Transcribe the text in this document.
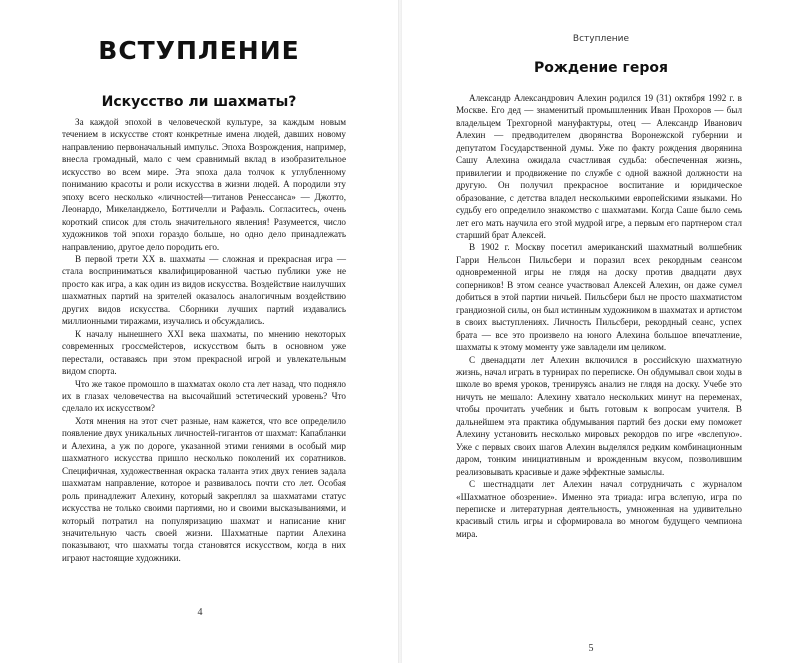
ВСТУПЛЕНИЕ
Искусство ли шахматы?

За каждой эпохой в человеческой культуре, за каждым новым течением в искусстве стоят конкретные имена людей, давших новому направлению первоначальный импульс. Эпоха Возрождения, например, внесла громадный, мало с чем сравнимый вклад в изобразительное искусство во всем мире. Эта эпоха дала толчок к углубленному пониманию красоты и роли искусства в жизни людей. А породили эту эпоху всего несколько «личностей—титанов Ренессанса» — Джотто, Леонардо, Микеланджело, Боттичелли и Рафаэль. Согласитесь, очень короткий список для столь значительного явления! Разумеется, число художников той эпохи гораздо больше, но одно дело принадлежать направлению, другое дело породить его.

В первой трети XX в. шахматы — сложная и прекрасная игра — стала восприниматься квалифицированной частью публики уже не просто как игра, а как один из видов искусства. Воздействие наилучших шахматных партий на зрителей оказалось аналогичным воздействию других видов искусства. Сборники лучших партий издавались миллионными тиражами, изучались и обсуждались.

К началу нынешнего XXI века шахматы, по мнению некоторых современных гроссмейстеров, искусством быть в основном уже перестали, оставаясь при этом прекрасной игрой и увлекательным видом спорта.

Что же такое промошло в шахматах около ста лет назад, что подняло их в глазах человечества на высочайший эстетический уровень? Что сделало их искусством?

Хотя мнения на этот счет разные, нам кажется, что все определило появление двух уникальных личностей-гигантов от шахмат: Капабланки и Алехина, а уж по дороге, указанной этими гениями в особый мир шахматного искусства пришло несколько поколений их соратников. Специфичная, художественная окраска таланта этих двух гениев задала шахматам направление, которое и развивалось почти сто лет. Особая роль принадлежит Алехину, который закреплял за шахматами статус искусства не только своими партиями, но и своими высказываниями, и который потратил на популяризацию шахмат и написание книг значительную часть своей жизни. Шахматные партии Алехина показывают, что шахматы тогда становятся искусством, когда в них играют настоящие художники.

4
Вступление
Рождение героя

Александр Александрович Алехин родился 19 (31) октября 1992 г. в Москве. Его дед — знаменитый промышленник Иван Прохоров — был владельцем Трехгорной мануфактуры, отец — Александр Иванович Алехин — предводителем дворянства Воронежской губернии и депутатом Государственной думы. Уже по факту рождения дворянина Сашу Алехина ожидала счастливая судьба: обеспеченная жизнь, привилегии и продвижение по службе с одной важной должности на другую. Он получил прекрасное воспитание и юридическое образование, с детства владел несколькими европейскими языками. Но судьбу его определило знакомство с шахматами. Когда Саше было семь лет его мать научила его этой мудрой игре, а первым его партнером стал старший брат Алексей.

В 1902 г. Москву посетил американский шахматный волшебник Гарри Нельсон Пильсбери и поразил всех рекордным сеансом одновременной игры не глядя на доску против двадцати двух соперников! В этом сеансе участвовал Алексей Алехин, он даже сумел добиться в этой партии ничьей. Пильсбери был не просто шахматистом грандиозной силы, он был истинным художником в шахматах и артистом в своих выступлениях. Личность Пильсбери, рекордный сеанс, успех брата — все это произвело на юного Алехина большое впечатление, шахматы к этому моменту уже завладели им целиком.

С двенадцати лет Алехин включился в российскую шахматную жизнь, начал играть в турнирах по переписке. Он обдумывал свои ходы в школе во время уроков, тренируясь анализ не глядя на доску. Учебе это ничуть не мешало: Алехину хватало нескольких минут на переменах, чтобы прочитать учебник и быть готовым к вопросам учителя. В дальнейшем эта практика обдумывания партий без доски ему поможет Алехину установить несколько мировых рекордов по игре «вслепую». Уже с первых своих шагов Алехин выделялся редким комбинационным даром, тонким инициативным и врожденным вкусом, позволившим реализовывать красивые и даже эффектные замыслы.

С шестнадцати лет Алехин начал сотрудничать с журналом «Шахматное обозрение». Именно эта триада: игра вслепую, игра по переписке и литературная деятельность, умноженная на удивительно красивый стиль игры и сформировала во многом будущего чемпиона мира.

5
